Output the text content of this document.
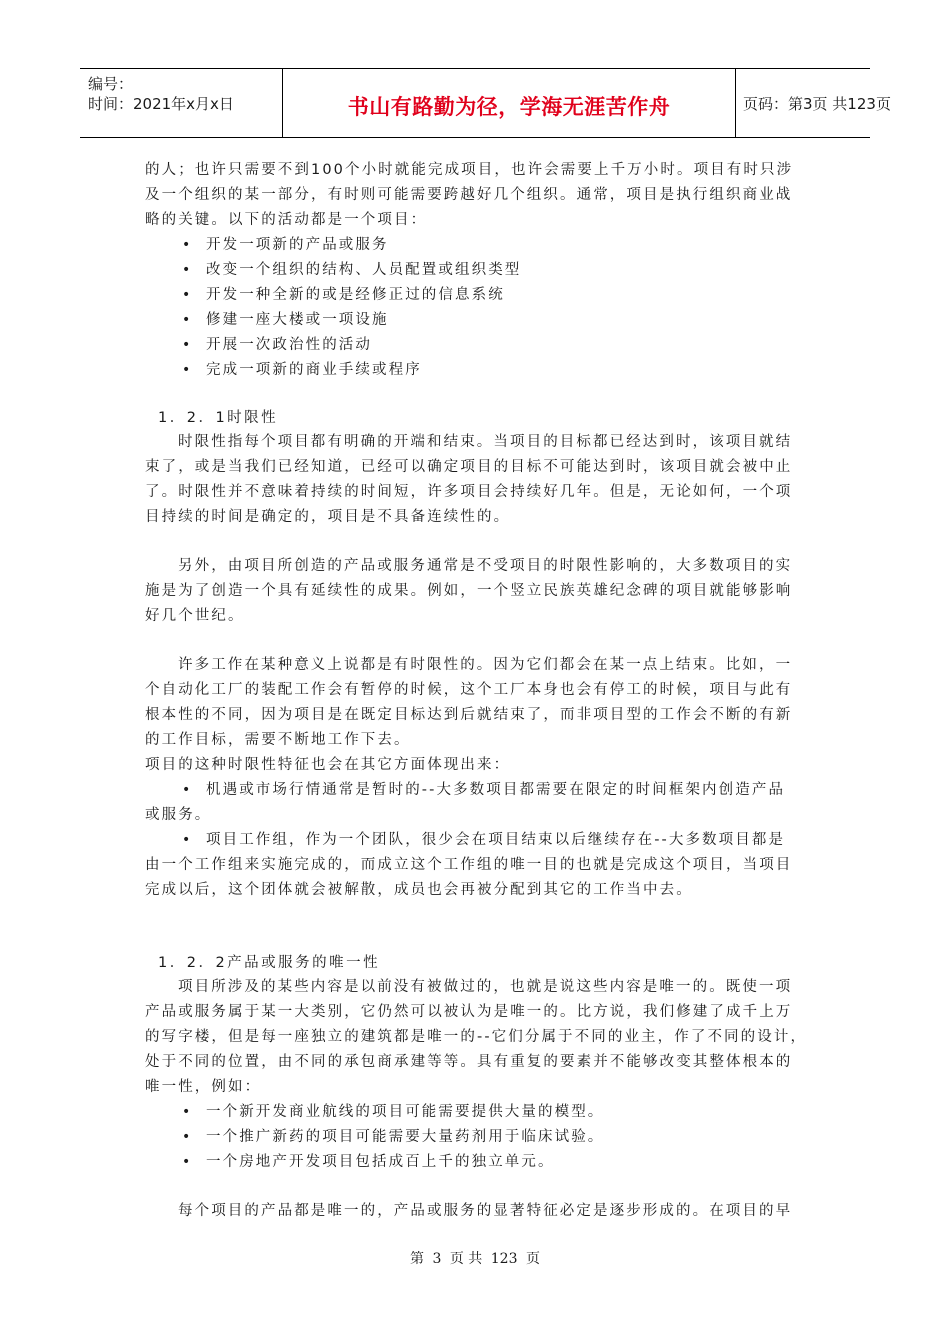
编号：
时间：2021年x月x日	书山有路勤为径，学海无涯苦作舟	页码：第3页 共123页
的人；也许只需要不到100个小时就能完成项目，也许会需要上千万小时。项目有时只涉
及一个组织的某一部分，有时则可能需要跨越好几个组织。通常，项目是执行组织商业战
略的关键。以下的活动都是一个项目：
• 开发一项新的产品或服务
• 改变一个组织的结构、人员配置或组织类型
• 开发一种全新的或是经修正过的信息系统
• 修建一座大楼或一项设施
• 开展一次政治性的活动
• 完成一项新的商业手续或程序
1．2．1时限性
时限性指每个项目都有明确的开端和结束。当项目的目标都已经达到时，该项目就结
束了，或是当我们已经知道，已经可以确定项目的目标不可能达到时，该项目就会被中止
了。时限性并不意味着持续的时间短，许多项目会持续好几年。但是，无论如何，一个项
目持续的时间是确定的，项目是不具备连续性的。
另外，由项目所创造的产品或服务通常是不受项目的时限性影响的，大多数项目的实
施是为了创造一个具有延续性的成果。例如，一个竖立民族英雄纪念碑的项目就能够影响
好几个世纪。
许多工作在某种意义上说都是有时限性的。因为它们都会在某一点上结束。比如，一
个自动化工厂的装配工作会有暂停的时候，这个工厂本身也会有停工的时候，项目与此有
根本性的不同，因为项目是在既定目标达到后就结束了，而非项目型的工作会不断的有新
的工作目标，需要不断地工作下去。
项目的这种时限性特征也会在其它方面体现出来：
• 机遇或市场行情通常是暂时的--大多数项目都需要在限定的时间框架内创造产品
或服务。
• 项目工作组，作为一个团队，很少会在项目结束以后继续存在--大多数项目都是
由一个工作组来实施完成的，而成立这个工作组的唯一目的也就是完成这个项目，当项目
完成以后，这个团体就会被解散，成员也会再被分配到其它的工作当中去。
1．2．2产品或服务的唯一性
项目所涉及的某些内容是以前没有被做过的，也就是说这些内容是唯一的。既使一项
产品或服务属于某一大类别，它仍然可以被认为是唯一的。比方说，我们修建了成千上万
的写字楼，但是每一座独立的建筑都是唯一的--它们分属于不同的业主，作了不同的设计，
处于不同的位置，由不同的承包商承建等等。具有重复的要素并不能够改变其整体根本的
唯一性，例如：
• 一个新开发商业航线的项目可能需要提供大量的模型。
• 一个推广新药的项目可能需要大量药剂用于临床试验。
• 一个房地产开发项目包括成百上千的独立单元。
每个项目的产品都是唯一的，产品或服务的显著特征必定是逐步形成的。在项目的早
第 3 页 共 123 页
